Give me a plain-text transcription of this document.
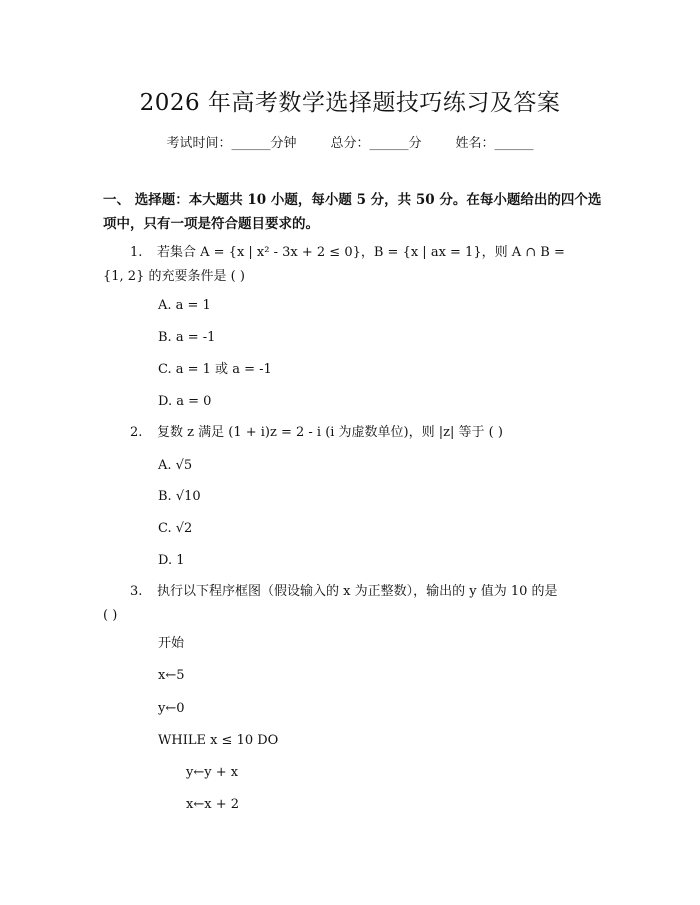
2026 年高考数学选择题技巧练习及答案
考试时间：______分钟	总分：______分	姓名：______
一、 选择题：本大题共 10 小题，每小题 5 分，共 50 分。在每小题给出的四个选
项中，只有一项是符合题目要求的。
1. 若集合 A = {x | x² - 3x + 2 ≤ 0}，B = {x | ax = 1}，则 A ∩ B =
{1, 2} 的充要条件是 ( )
A. a = 1
B. a = -1
C. a = 1 或 a = -1
D. a = 0
2. 复数 z 满足 (1 + i)z = 2 - i (i 为虚数单位)，则 |z| 等于 ( )
A. √5
B. √10
C. √2
D. 1
3. 执行以下程序框图（假设输入的 x 为正整数），输出的 y 值为 10 的是
( )
开始
x←5
y←0
WHILE x ≤ 10 DO
y←y + x
x←x + 2
